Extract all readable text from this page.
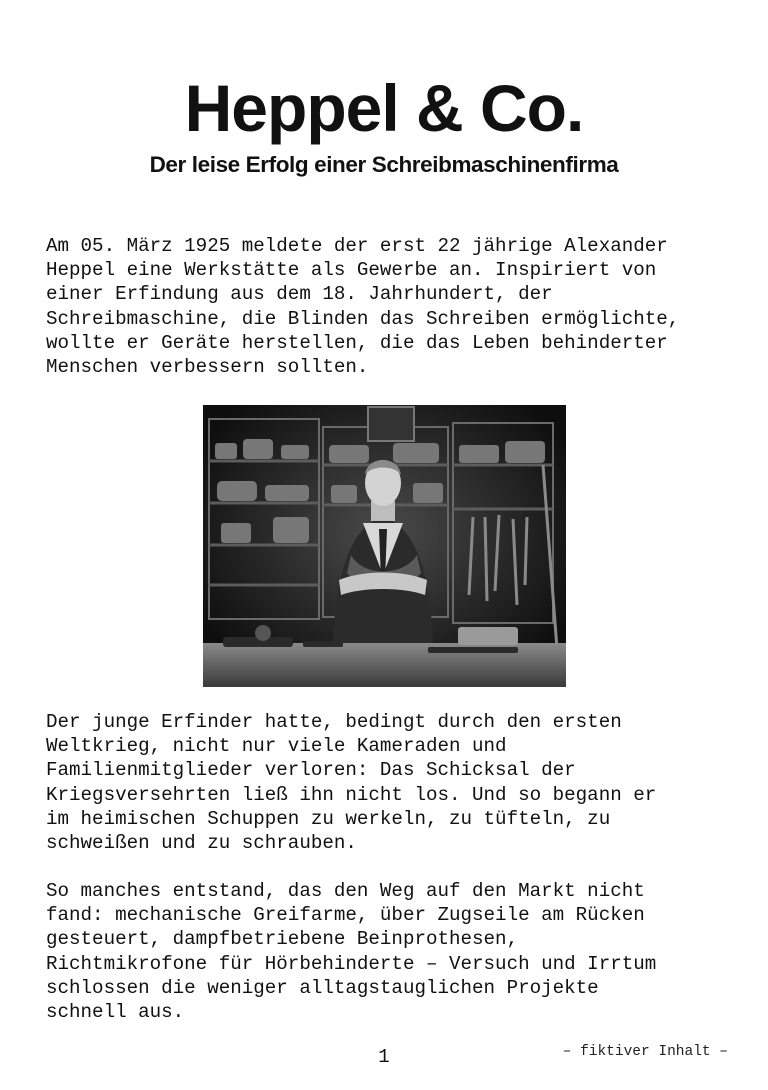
Heppel & Co.
Der leise Erfolg einer Schreibmaschinenfirma

Am 05. März 1925 meldete der erst 22 jährige Alexander
Heppel eine Werkstätte als Gewerbe an. Inspiriert von
einer Erfindung aus dem 18. Jahrhundert, der
Schreibmaschine, die Blinden das Schreiben ermöglichte,
wollte er Geräte herstellen, die das Leben behinderter
Menschen verbessern sollten.

Der junge Erfinder hatte, bedingt durch den ersten
Weltkrieg, nicht nur viele Kameraden und
Familienmitglieder verloren: Das Schicksal der
Kriegsversehrten ließ ihn nicht los. Und so begann er
im heimischen Schuppen zu werkeln, zu tüfteln, zu
schweißen und zu schrauben.

So manches entstand, das den Weg auf den Markt nicht
fand: mechanische Greifarme, über Zugseile am Rücken
gesteuert, dampfbetriebene Beinprothesen,
Richtmikrofone für Hörbehinderte – Versuch und Irrtum
schlossen die weniger alltagstauglichen Projekte
schnell aus.

1	– fiktiver Inhalt –
